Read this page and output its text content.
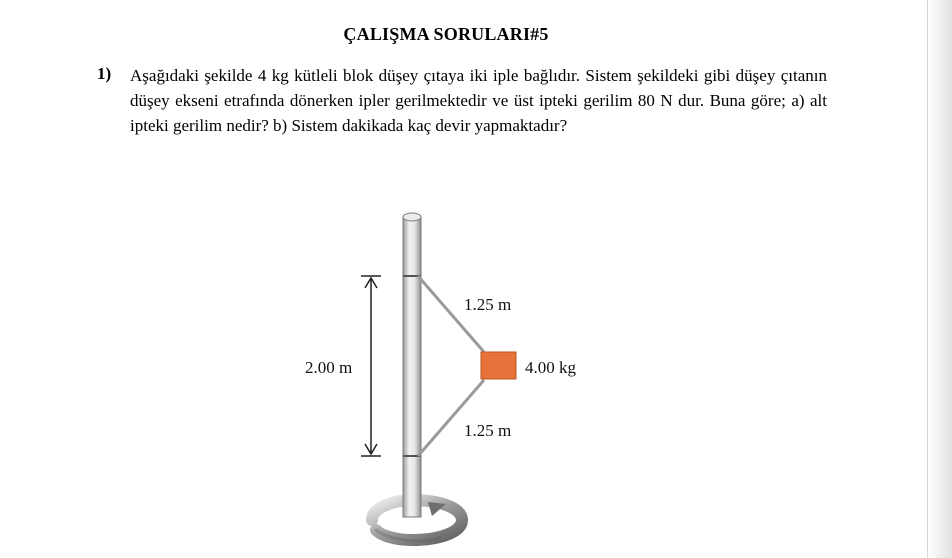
ÇALIŞMA SORULARI#5
1) Aşağıdaki şekilde 4 kg kütleli blok düşey çıtaya iki iple bağlıdır. Sistem şekildeki gibi düşey çıtanın düşey ekseni etrafında dönerken ipler gerilmektedir ve üst ipteki gerilim 80 N dur. Buna göre; a) alt ipteki gerilim nedir? b) Sistem dakikada kaç devir yapmaktadır?
2.00 m
1.25 m
1.25 m
4.00 kg
